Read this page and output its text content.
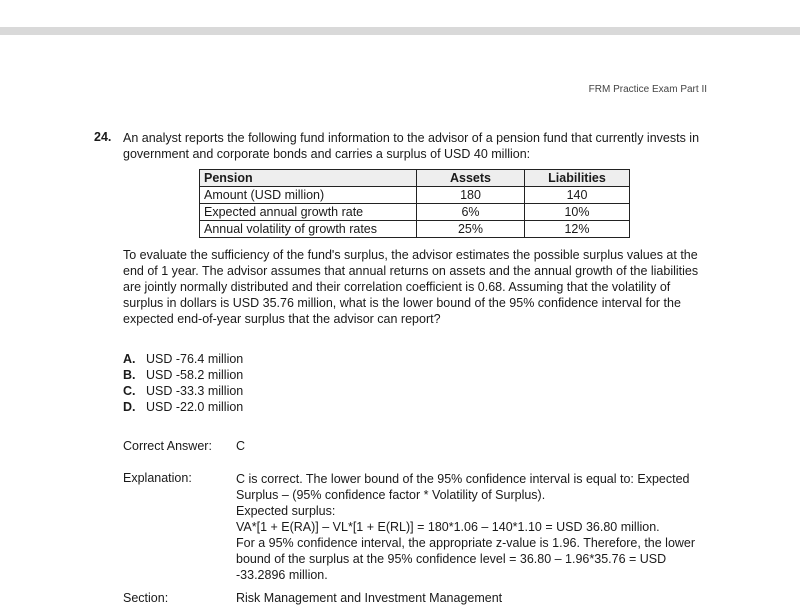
FRM Practice Exam Part II
24. An analyst reports the following fund information to the advisor of a pension fund that currently invests in government and corporate bonds and carries a surplus of USD 40 million:
Pension	Assets	Liabilities
Amount (USD million)	180	140
Expected annual growth rate	6%	10%
Annual volatility of growth rates	25%	12%
To evaluate the sufficiency of the fund's surplus, the advisor estimates the possible surplus values at the end of 1 year. The advisor assumes that annual returns on assets and the annual growth of the liabilities are jointly normally distributed and their correlation coefficient is 0.68. Assuming that the volatility of surplus in dollars is USD 35.76 million, what is the lower bound of the 95% confidence interval for the expected end-of-year surplus that the advisor can report?
A. USD -76.4 million
B. USD -58.2 million
C. USD -33.3 million
D. USD -22.0 million
Correct Answer: C
Explanation:	C is correct. The lower bound of the 95% confidence interval is equal to: Expected Surplus – (95% confidence factor * Volatility of Surplus).
Expected surplus:
VA*[1 + E(RA)] – VL*[1 + E(RL)] = 180*1.06 – 140*1.10 = USD 36.80 million.
For a 95% confidence interval, the appropriate z-value is 1.96. Therefore, the lower bound of the surplus at the 95% confidence level = 36.80 – 1.96*35.76 = USD -33.2896 million.
Section:	Risk Management and Investment Management
